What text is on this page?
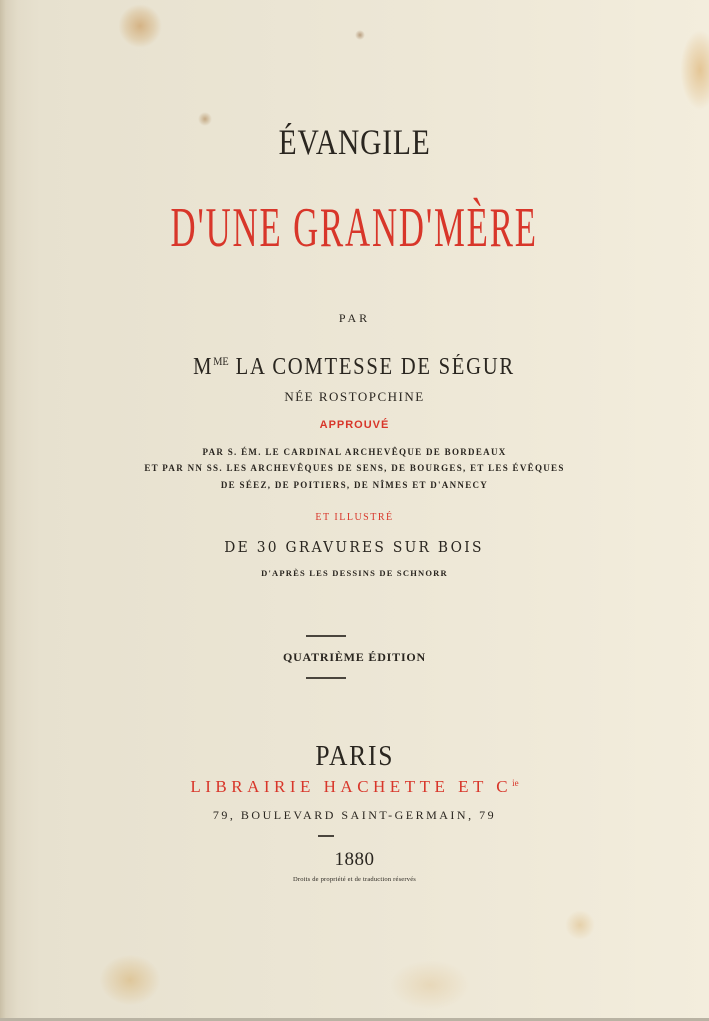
ÉVANGILE
D'UNE GRAND'MÈRE
PAR
$M^{ME}$ LA COMTESSE DE SÉGUR
NÉE ROSTOPCHINE
APPROUVÉ
PAR S. ÉM. LE CARDINAL ARCHEVÊQUE DE BORDEAUX
ET PAR NN SS. LES ARCHEVÊQUES DE SENS, DE BOURGES, ET LES ÉVÊQUES
DE SÉEZ, DE POITIERS, DE NÎMES ET D'ANNECY
ET ILLUSTRÉ
DE 30 GRAVURES SUR BOIS
D'APRÈS LES DESSINS DE SCHNORR
QUATRIÈME ÉDITION
PARIS
LIBRAIRIE HACHETTE ET $C^{ie}$
79, BOULEVARD SAINT-GERMAIN, 79
1880
Droits de propriété et de traduction réservés
